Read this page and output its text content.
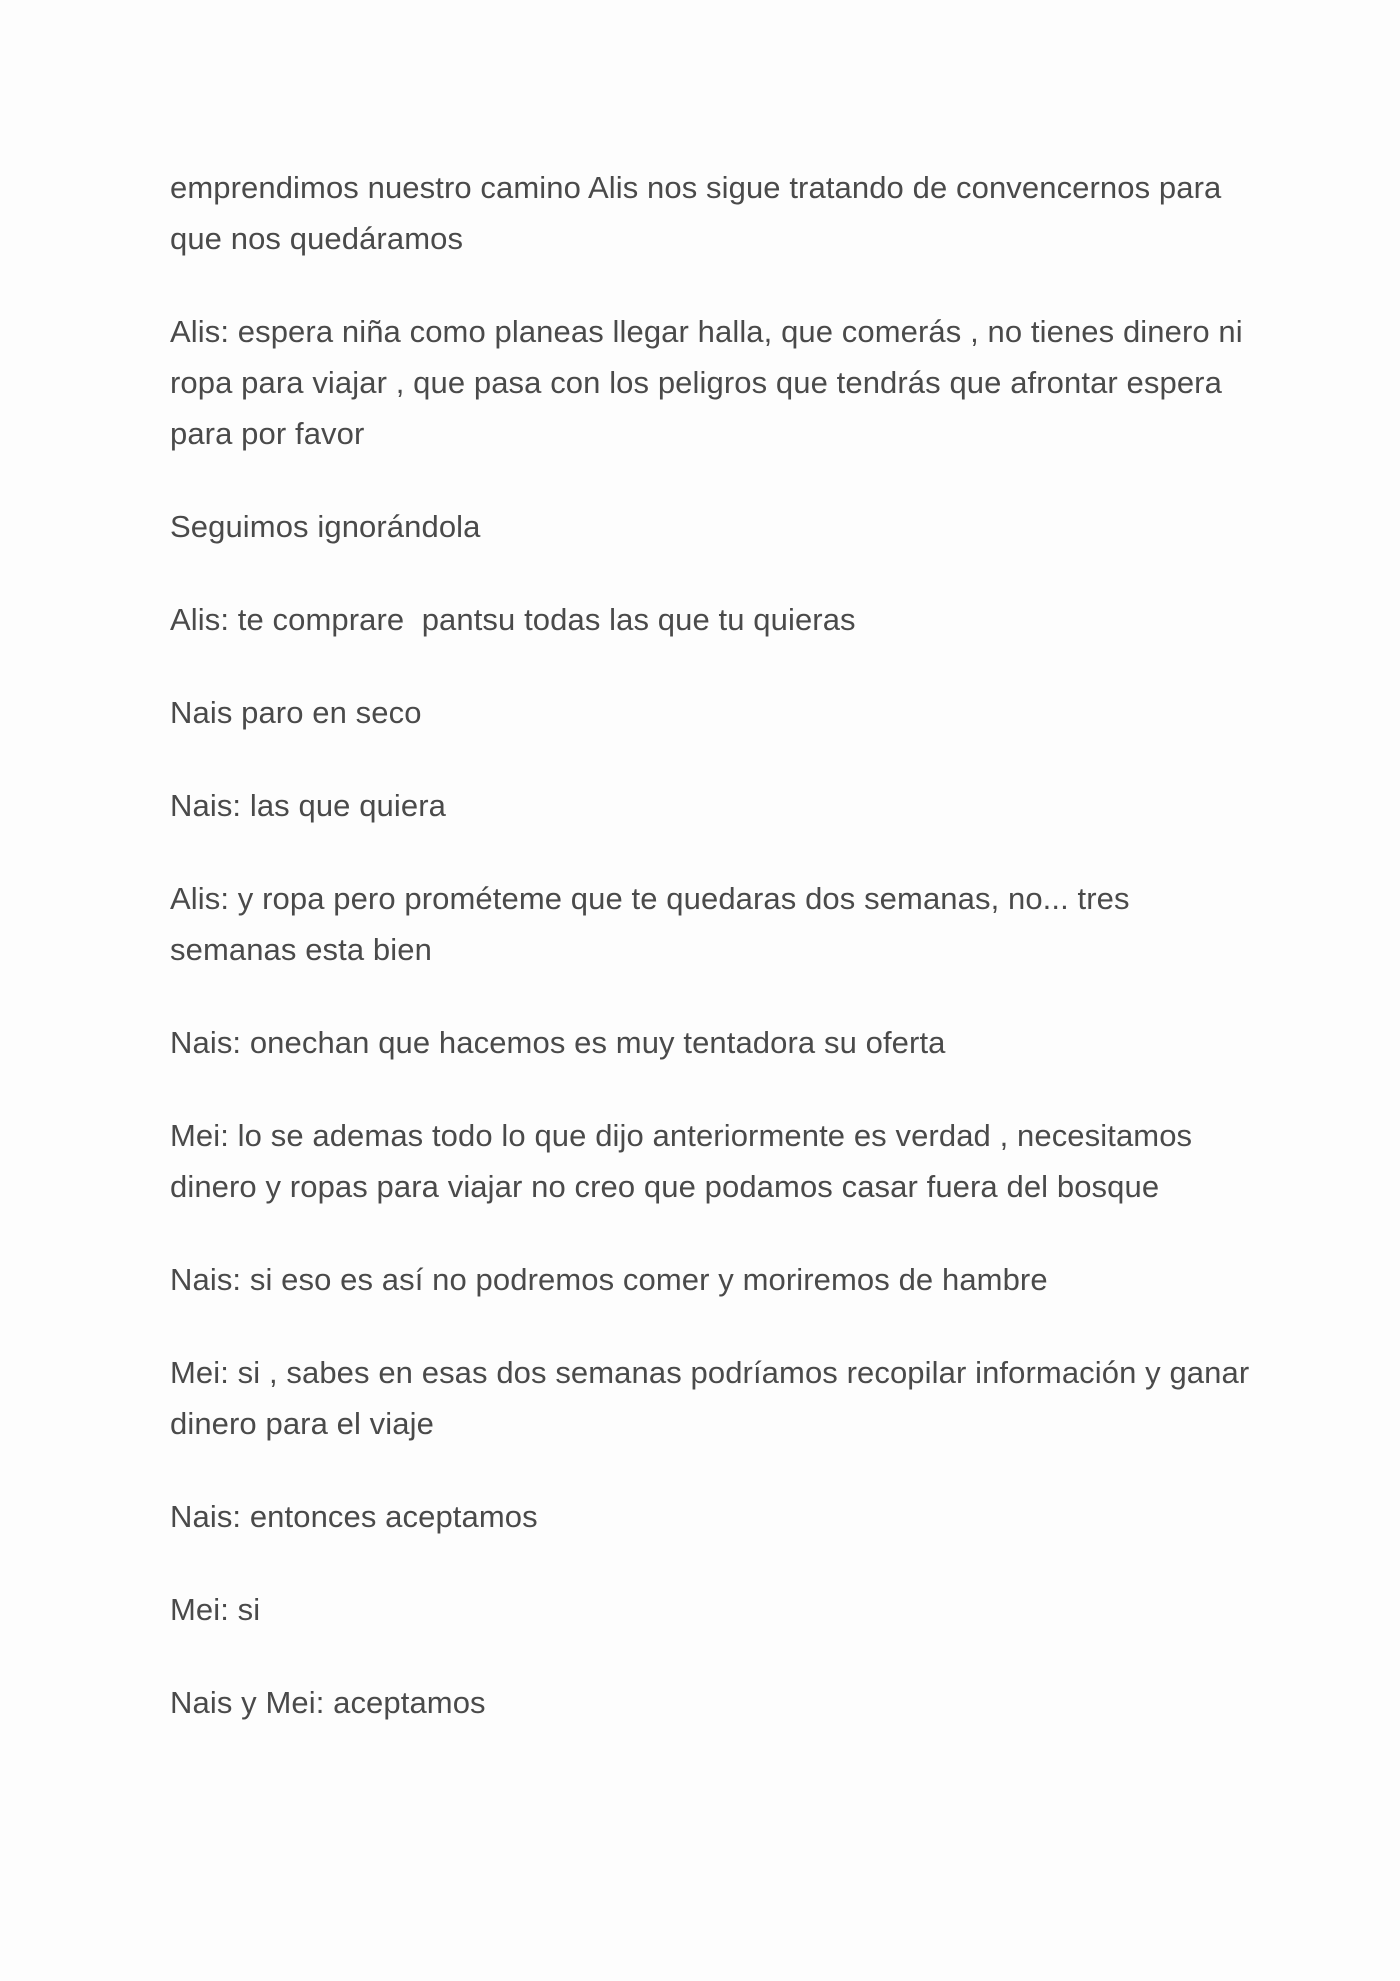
emprendimos nuestro camino Alis nos sigue tratando de convencernos para que nos quedáramos

Alis: espera niña como planeas llegar halla, que comerás , no tienes dinero ni ropa para viajar , que pasa con los peligros que tendrás que afrontar espera para por favor

Seguimos ignorándola

Alis: te comprare  pantsu todas las que tu quieras

Nais paro en seco

Nais: las que quiera

Alis: y ropa pero prométeme que te quedaras dos semanas, no... tres semanas esta bien

Nais: onechan que hacemos es muy tentadora su oferta

Mei: lo se ademas todo lo que dijo anteriormente es verdad , necesitamos dinero y ropas para viajar no creo que podamos casar fuera del bosque

Nais: si eso es así no podremos comer y moriremos de hambre

Mei: si , sabes en esas dos semanas podríamos recopilar información y ganar dinero para el viaje

Nais: entonces aceptamos

Mei: si

Nais y Mei: aceptamos
